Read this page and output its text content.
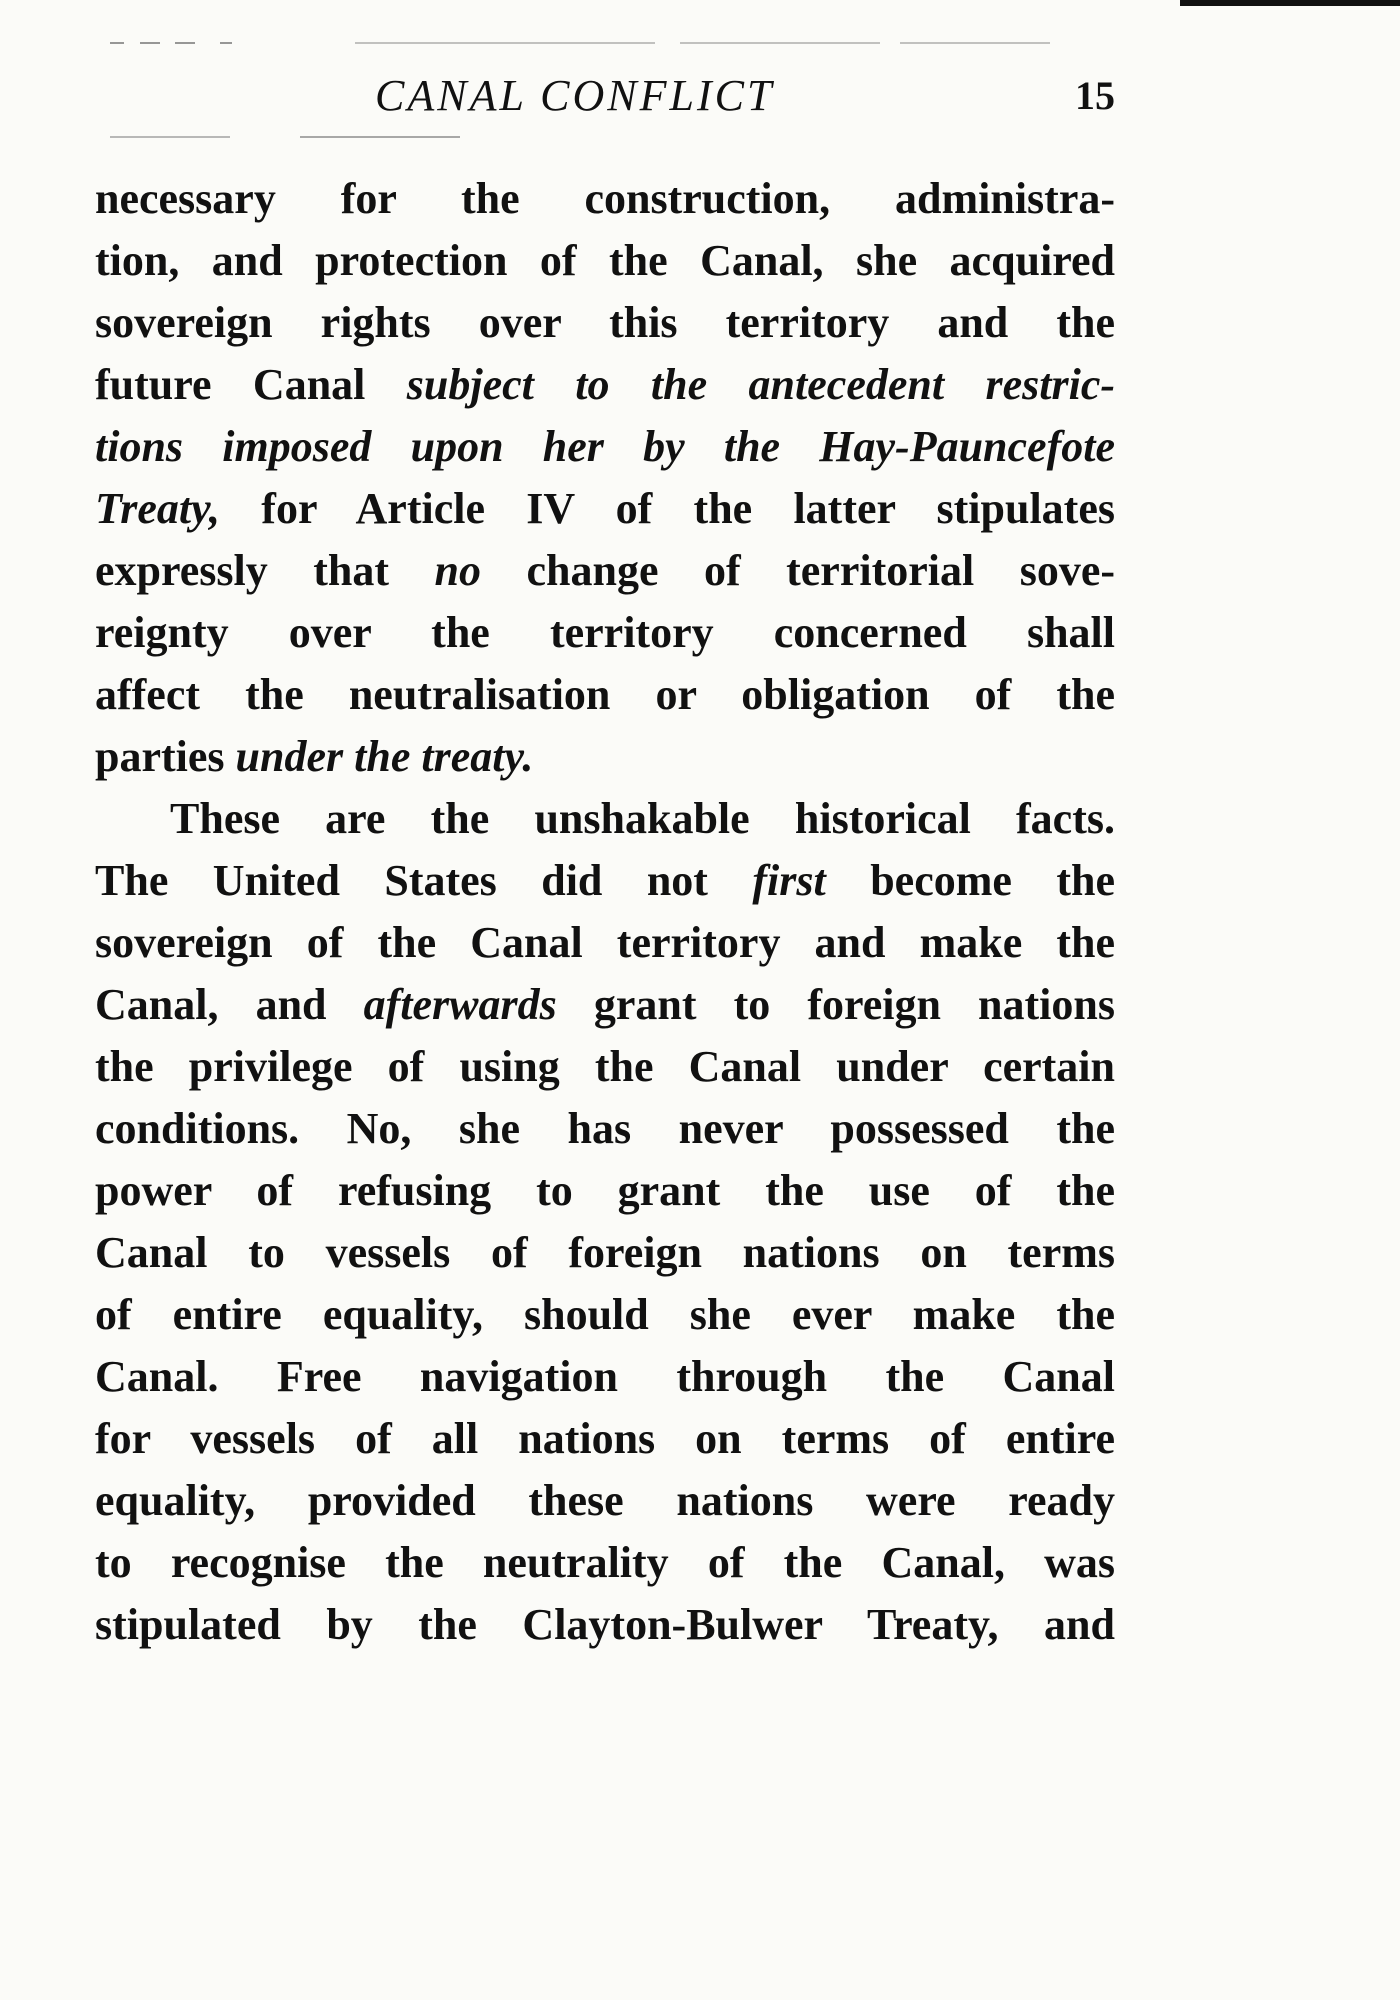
CANAL CONFLICT	15
necessary for the construction, administra-
tion, and protection of the Canal, she acquired
sovereign rights over this territory and the
future Canal subject to the antecedent restric-
tions imposed upon her by the Hay-Pauncefote
Treaty, for Article IV of the latter stipulates
expressly that no change of territorial sove-
reignty over the territory concerned shall
affect the neutralisation or obligation of the
parties under the treaty.
These are the unshakable historical facts.
The United States did not first become the
sovereign of the Canal territory and make the
Canal, and afterwards grant to foreign nations
the privilege of using the Canal under certain
conditions. No, she has never possessed the
power of refusing to grant the use of the
Canal to vessels of foreign nations on terms
of entire equality, should she ever make the
Canal. Free navigation through the Canal
for vessels of all nations on terms of entire
equality, provided these nations were ready
to recognise the neutrality of the Canal, was
stipulated by the Clayton-Bulwer Treaty, and
